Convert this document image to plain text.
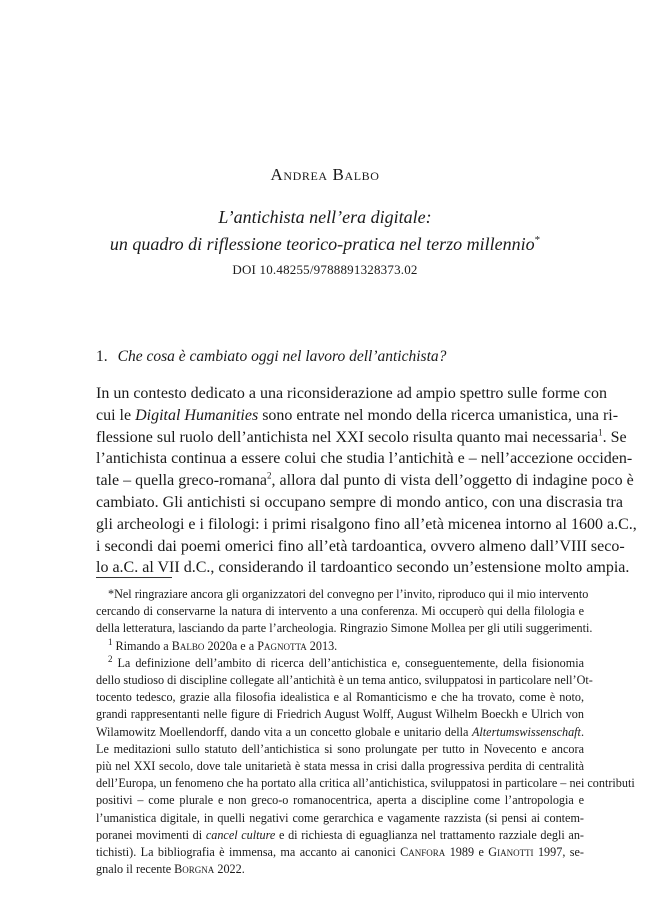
Andrea Balbo
L’antichista nell’era digitale:
un quadro di riflessione teorico-pratica nel terzo millennio*
DOI 10.48255/9788891328373.02
1. Che cosa è cambiato oggi nel lavoro dell’antichista?
In un contesto dedicato a una riconsiderazione ad ampio spettro sulle forme con
cui le Digital Humanities sono entrate nel mondo della ricerca umanistica, una ri-
flessione sul ruolo dell’antichista nel XXI secolo risulta quanto mai necessaria$^1$. Se
l’antichista continua a essere colui che studia l’antichità e – nell’accezione occiden-
tale – quella greco-romana$^2$, allora dal punto di vista dell’oggetto di indagine poco è
cambiato. Gli antichisti si occupano sempre di mondo antico, con una discrasia tra
gli archeologi e i filologi: i primi risalgono fino all’età micenea intorno al 1600 a.C.,
i secondi dai poemi omerici fino all’età tardoantica, ovvero almeno dall’VIII seco-
lo a.C. al VII d.C., considerando il tardoantico secondo un’estensione molto ampia.
*Nel ringraziare ancora gli organizzatori del convegno per l’invito, riproduco qui il mio intervento
cercando di conservarne la natura di intervento a una conferenza. Mi occuperò qui della filologia e
della letteratura, lasciando da parte l’archeologia. Ringrazio Simone Mollea per gli utili suggerimenti.
$^1$ Rimando a Balbo 2020a e a Pagnotta 2013.
$^2$ La definizione dell’ambito di ricerca dell’antichistica e, conseguentemente, della fisionomia
dello studioso di discipline collegate all’antichità è un tema antico, sviluppatosi in particolare nell’Ot-
tocento tedesco, grazie alla filosofia idealistica e al Romanticismo e che ha trovato, come è noto,
grandi rappresentanti nelle figure di Friedrich August Wolff, August Wilhelm Boeckh e Ulrich von
Wilamowitz Moellendorff, dando vita a un concetto globale e unitario della Altertumswissenschaft.
Le meditazioni sullo statuto dell’antichistica si sono prolungate per tutto in Novecento e ancora
più nel XXI secolo, dove tale unitarietà è stata messa in crisi dalla progressiva perdita di centralità
dell’Europa, un fenomeno che ha portato alla critica all’antichistica, sviluppatosi in particolare – nei contributi
positivi – come plurale e non greco-o romanocentrica, aperta a discipline come l’antropologia e
l’umanistica digitale, in quelli negativi come gerarchica e vagamente razzista (si pensi ai contem-
poranei movimenti di cancel culture e di richiesta di eguaglianza nel trattamento razziale degli an-
tichisti). La bibliografia è immensa, ma accanto ai canonici Canfora 1989 e Gianotti 1997, se-
gnalo il recente Borgna 2022.
